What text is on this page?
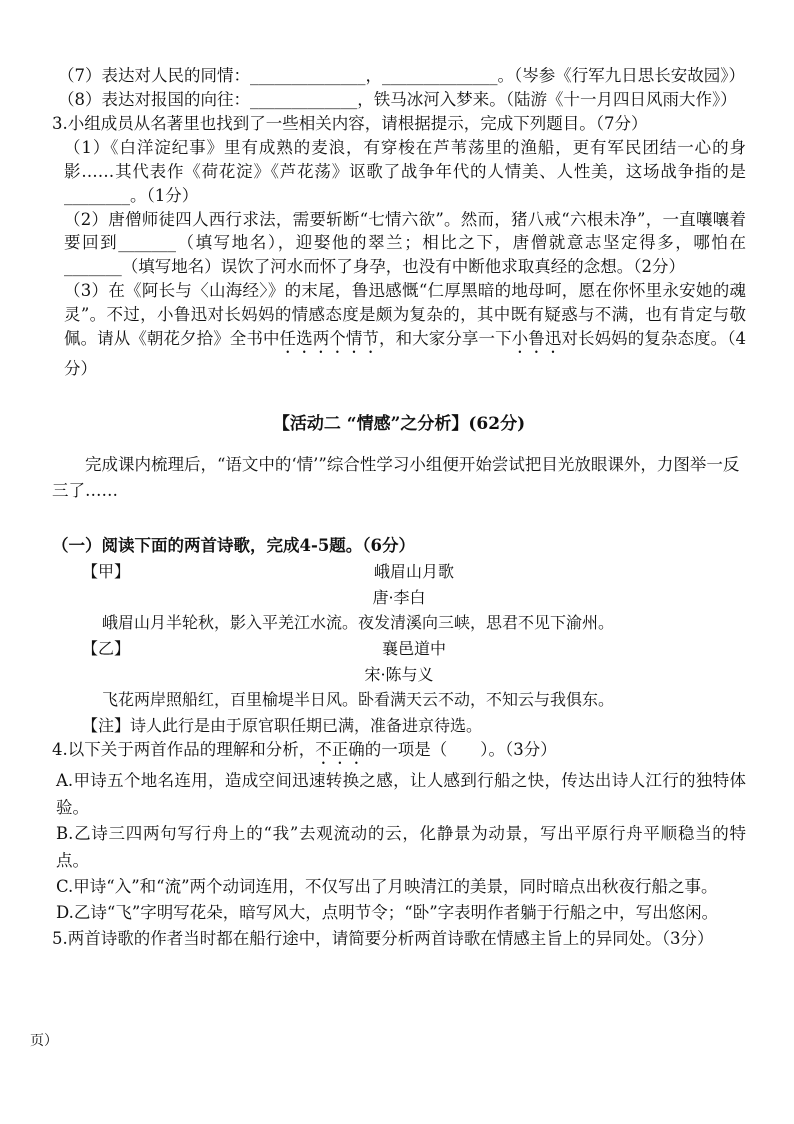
（7）表达对人民的同情：______________，______________。（岑参《行军九日思长安故园》）

（8）表达对报国的向往：_____________，铁马冰河入梦来。（陆游《十一月四日风雨大作》）

3.小组成员从名著里也找到了一些相关内容，请根据提示，完成下列题目。（7分）

（1）《白洋淀纪事》里有成熟的麦浪，有穿梭在芦苇荡里的渔船，更有军民团结一心的身影……其代表作《荷花淀》《芦花荡》讴歌了战争年代的人情美、人性美，这场战争指的是________。（1分）

（2）唐僧师徒四人西行求法，需要斩断“七情六欲”。然而，猪八戒“六根未净”，一直嚷嚷着要回到_______（填写地名），迎娶他的翠兰；相比之下，唐僧就意志坚定得多，哪怕在_______（填写地名）误饮了河水而怀了身孕，也没有中断他求取真经的念想。（2分）

（3）在《阿长与〈山海经〉》的末尾，鲁迅感慨“仁厚黑暗的地母呵，愿在你怀里永安她的魂灵”。不过，小鲁迅对长妈妈的情感态度是颇为复杂的，其中既有疑惑与不满，也有肯定与敬佩。请从《朝花夕拾》全书中任选两个情节，和大家分享一下小鲁迅对长妈妈的复杂态度。（4分）

【活动二 “情感”之分析】(62分)

完成课内梳理后，“语文中的‘情’”综合性学习小组便开始尝试把目光放眼课外，力图举一反三了……

（一）阅读下面的两首诗歌，完成4-5题。（6分）
【甲】	峨眉山月歌
唐·李白
峨眉山月半轮秋，影入平羌江水流。夜发清溪向三峡，思君不见下渝州。
【乙】	襄邑道中
宋·陈与义
飞花两岸照船红，百里榆堤半日风。卧看满天云不动，不知云与我俱东。
【注】诗人此行是由于原官职任期已满，准备进京待选。

4.以下关于两首作品的理解和分析，不正确的一项是（　　）。（3分）

A.甲诗五个地名连用，造成空间迅速转换之感，让人感到行船之快，传达出诗人江行的独特体验。
B.乙诗三四两句写行舟上的“我”去观流动的云，化静景为动景，写出平原行舟平顺稳当的特点。
C.甲诗“入”和“流”两个动词连用，不仅写出了月映清江的美景，同时暗点出秋夜行船之事。
D.乙诗“飞”字明写花朵，暗写风大，点明节令；“卧”字表明作者躺于行船之中，写出悠闲。

5.两首诗歌的作者当时都在船行途中，请简要分析两首诗歌在情感主旨上的异同处。（3分）

页）
